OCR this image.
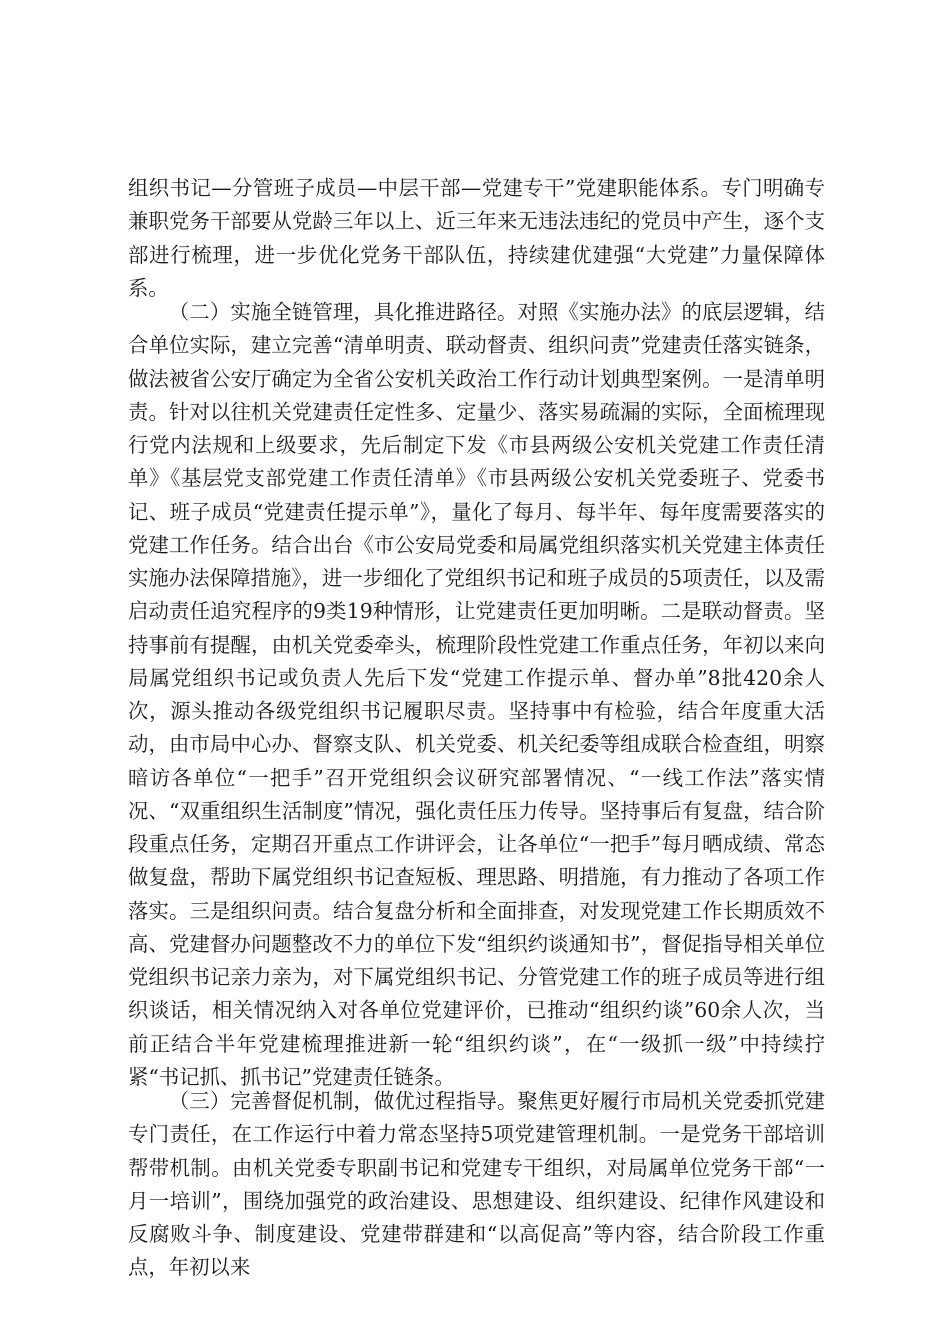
组织书记—分管班子成员—中层干部—党建专干”党建职能体系。专门明确专兼职党务干部要从党龄三年以上、近三年来无违法违纪的党员中产生，逐个支部进行梳理，进一步优化党务干部队伍，持续建优建强“大党建”力量保障体系。

（二）实施全链管理，具化推进路径。对照《实施办法》的底层逻辑，结合单位实际，建立完善“清单明责、联动督责、组织问责”党建责任落实链条，做法被省公安厅确定为全省公安机关政治工作行动计划典型案例。一是清单明责。针对以往机关党建责任定性多、定量少、落实易疏漏的实际，全面梳理现行党内法规和上级要求，先后制定下发《市县两级公安机关党建工作责任清单》《基层党支部党建工作责任清单》《市县两级公安机关党委班子、党委书记、班子成员“党建责任提示单”》，量化了每月、每半年、每年度需要落实的党建工作任务。结合出台《市公安局党委和局属党组织落实机关党建主体责任实施办法保障措施》，进一步细化了党组织书记和班子成员的5项责任，以及需启动责任追究程序的9类19种情形，让党建责任更加明晰。二是联动督责。坚持事前有提醒，由机关党委牵头，梳理阶段性党建工作重点任务，年初以来向局属党组织书记或负责人先后下发“党建工作提示单、督办单”8批420余人次，源头推动各级党组织书记履职尽责。坚持事中有检验，结合年度重大活动，由市局中心办、督察支队、机关党委、机关纪委等组成联合检查组，明察暗访各单位“一把手”召开党组织会议研究部署情况、“一线工作法”落实情况、“双重组织生活制度”情况，强化责任压力传导。坚持事后有复盘，结合阶段重点任务，定期召开重点工作讲评会，让各单位“一把手”每月晒成绩、常态做复盘，帮助下属党组织书记查短板、理思路、明措施，有力推动了各项工作落实。三是组织问责。结合复盘分析和全面排查，对发现党建工作长期质效不高、党建督办问题整改不力的单位下发“组织约谈通知书”，督促指导相关单位党组织书记亲力亲为，对下属党组织书记、分管党建工作的班子成员等进行组织谈话，相关情况纳入对各单位党建评价，已推动“组织约谈”60余人次，当前正结合半年党建梳理推进新一轮“组织约谈”，在“一级抓一级”中持续拧紧“书记抓、抓书记”党建责任链条。

（三）完善督促机制，做优过程指导。聚焦更好履行市局机关党委抓党建专门责任，在工作运行中着力常态坚持5项党建管理机制。一是党务干部培训帮带机制。由机关党委专职副书记和党建专干组织，对局属单位党务干部“一月一培训”，围绕加强党的政治建设、思想建设、组织建设、纪律作风建设和反腐败斗争、制度建设、党建带群建和“以高促高”等内容，结合阶段工作重点，年初以来
